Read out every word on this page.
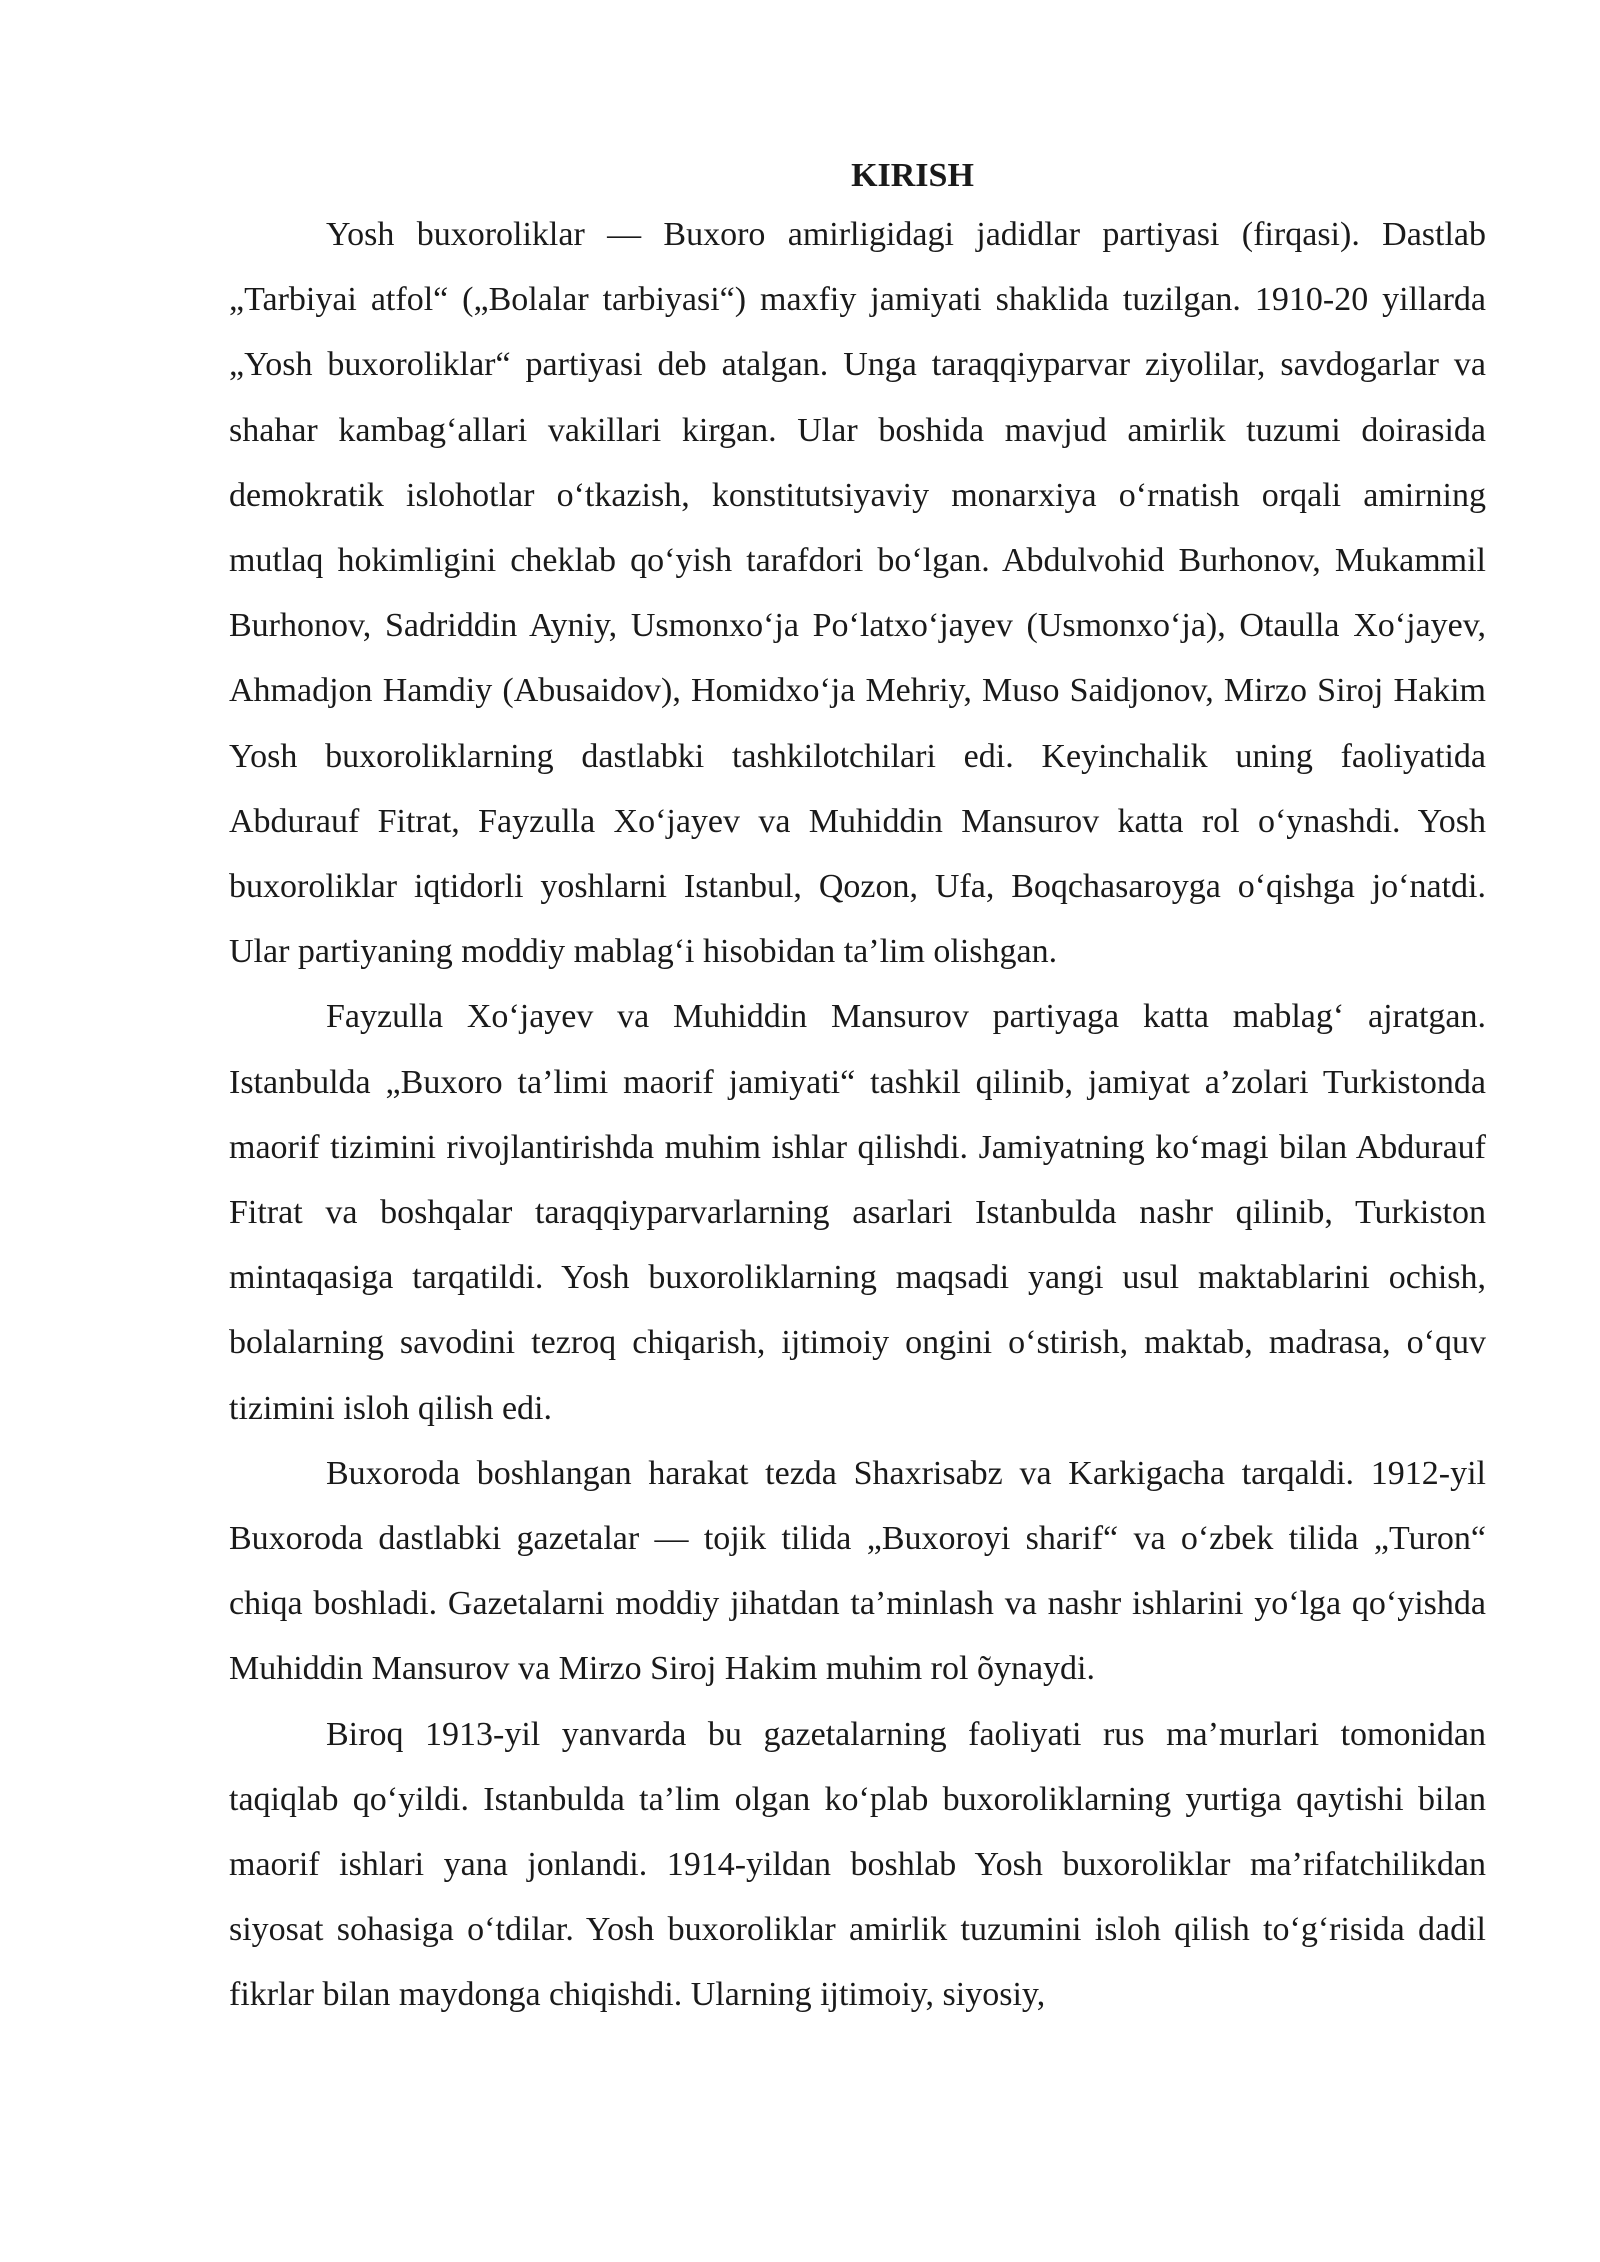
KIRISH

Yosh buxoroliklar — Buxoro amirligidagi jadidlar partiyasi (firqasi). Dastlab „Tarbiyai atfol“ („Bolalar tarbiyasi“) maxfiy jamiyati shaklida tuzilgan. 1910-20 yillarda „Yosh buxoroliklar“ partiyasi deb atalgan. Unga taraqqiyparvar ziyolilar, savdogarlar va shahar kambagʻallari vakillari kirgan. Ular boshida mavjud amirlik tuzumi doirasida demokratik islohotlar oʻtkazish, konstitutsiyaviy monarxiya oʻrnatish orqali amirning mutlaq hokimligini cheklab qoʻyish tarafdori boʻlgan. Abdulvohid Burhonov, Mukammil Burhonov, Sadriddin Ayniy, Usmonxoʻja Poʻlatxoʻjayev (Usmonxoʻja), Otaulla Xoʻjayev, Ahmadjon Hamdiy (Abusaidov), Homidxoʻja Mehriy, Muso Saidjonov, Mirzo Siroj Hakim Yosh buxoroliklarning dastlabki tashkilotchilari edi. Keyinchalik uning faoliyatida Abdurauf Fitrat, Fayzulla Xoʻjayev va Muhiddin Mansurov katta rol oʻynashdi. Yosh buxoroliklar iqtidorli yoshlarni Istanbul, Qozon, Ufa, Boqchasaroyga oʻqishga joʻnatdi. Ular partiyaning moddiy mablagʻi hisobidan ta’lim olishgan.

Fayzulla Xoʻjayev va Muhiddin Mansurov partiyaga katta mablagʻ ajratgan. Istanbulda „Buxoro ta’limi maorif jamiyati“ tashkil qilinib, jamiyat a’zolari Turkistonda maorif tizimini rivojlantirishda muhim ishlar qilishdi. Jamiyatning koʻmagi bilan Abdurauf Fitrat va boshqalar taraqqiyparvarlarning asarlari Istanbulda nashr qilinib, Turkiston mintaqasiga tarqatildi. Yosh buxoroliklarning maqsadi yangi usul maktablarini ochish, bolalarning savodini tezroq chiqarish, ijtimoiy ongini oʻstirish, maktab, madrasa, oʻquv tizimini isloh qilish edi.

Buxoroda boshlangan harakat tezda Shaxrisabz va Karkigacha tarqaldi. 1912-yil Buxoroda dastlabki gazetalar — tojik tilida „Buxoroyi sharif“ va oʻzbek tilida „Turon“ chiqa boshladi. Gazetalarni moddiy jihatdan ta’minlash va nashr ishlarini yoʻlga qoʻyishda Muhiddin Mansurov va Mirzo Siroj Hakim muhim rol õynaydi.

Biroq 1913-yil yanvarda bu gazetalarning faoliyati rus ma’murlari tomonidan taqiqlab qoʻyildi. Istanbulda ta’lim olgan koʻplab buxoroliklarning yurtiga qaytishi bilan maorif ishlari yana jonlandi. 1914-yildan boshlab Yosh buxoroliklar ma’rifatchilikdan siyosat sohasiga oʻtdilar. Yosh buxoroliklar amirlik tuzumini isloh qilish toʻgʻrisida dadil fikrlar bilan maydonga chiqishdi. Ularning ijtimoiy, siyosiy,
